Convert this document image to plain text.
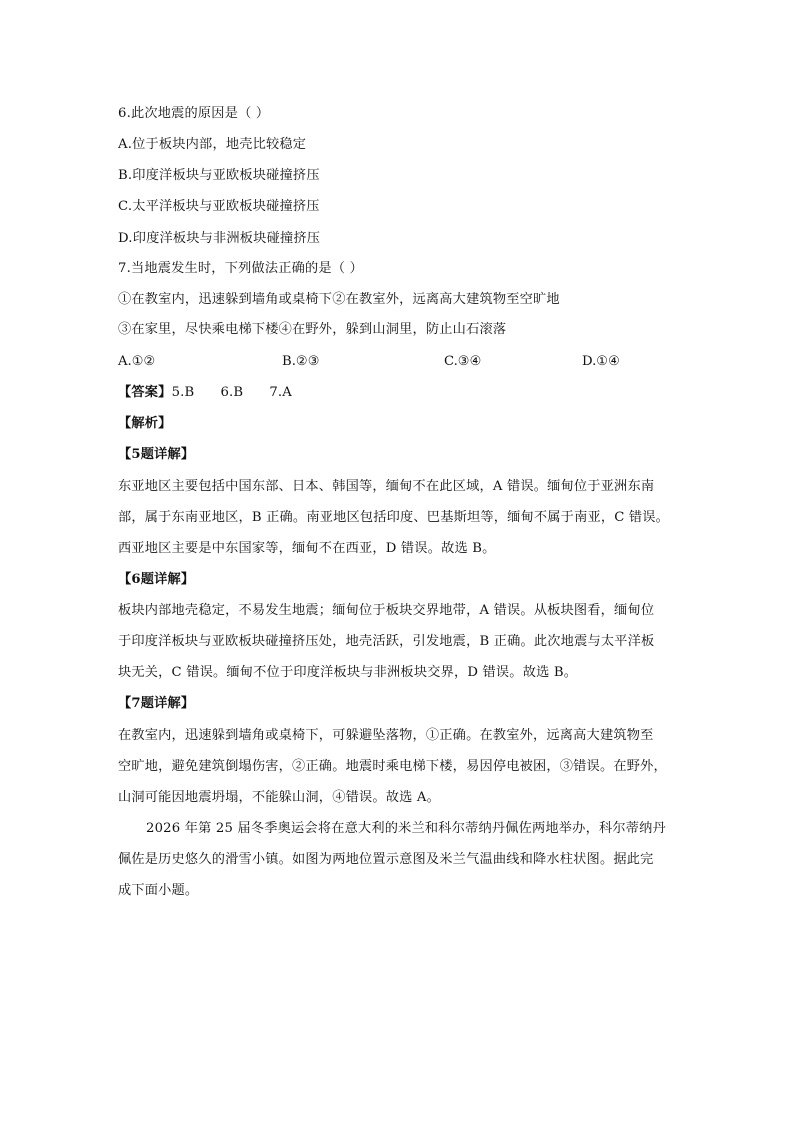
6.此次地震的原因是（ ）
A.位于板块内部，地壳比较稳定
B.印度洋板块与亚欧板块碰撞挤压
C.太平洋板块与亚欧板块碰撞挤压
D.印度洋板块与非洲板块碰撞挤压
7.当地震发生时，下列做法正确的是（ ）
①在教室内，迅速躲到墙角或桌椅下②在教室外，远离高大建筑物至空旷地
③在家里，尽快乘电梯下楼④在野外，躲到山洞里，防止山石滚落
A.①②	B.②③	C.③④	D.①④
【答案】5.B 6.B 7.A
【解析】
【5题详解】
东亚地区主要包括中国东部、日本、韩国等，缅甸不在此区域，A 错误。缅甸位于亚洲东南
部，属于东南亚地区，B 正确。南亚地区包括印度、巴基斯坦等，缅甸不属于南亚，C 错误。
西亚地区主要是中东国家等，缅甸不在西亚，D 错误。故选 B。
【6题详解】
板块内部地壳稳定，不易发生地震；缅甸位于板块交界地带，A 错误。从板块图看，缅甸位
于印度洋板块与亚欧板块碰撞挤压处，地壳活跃，引发地震，B 正确。此次地震与太平洋板
块无关，C 错误。缅甸不位于印度洋板块与非洲板块交界，D 错误。故选 B。
【7题详解】
在教室内，迅速躲到墙角或桌椅下，可躲避坠落物，①正确。在教室外，远离高大建筑物至
空旷地，避免建筑倒塌伤害，②正确。地震时乘电梯下楼，易因停电被困，③错误。在野外，
山洞可能因地震坍塌，不能躲山洞，④错误。故选 A。
2026 年第 25 届冬季奥运会将在意大利的米兰和科尔蒂纳丹佩佐两地举办，科尔蒂纳丹
佩佐是历史悠久的滑雪小镇。如图为两地位置示意图及米兰气温曲线和降水柱状图。据此完
成下面小题。
